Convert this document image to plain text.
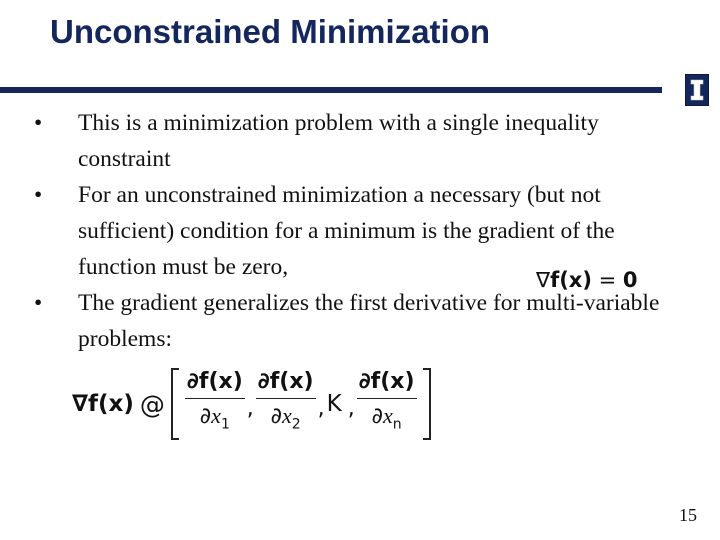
Unconstrained Minimization
• This is a minimization problem with a single inequality constraint
• For an unconstrained minimization a necessary (but not sufficient) condition for a minimum is the gradient of the function must be zero,
• The gradient generalizes the first derivative for multi-variable problems:
∇f(x) = 0
∇f(x) @ $\frac{\partial f(x)}{\partial x_1}$ , $\frac{\partial f(x)}{\partial x_2}$ , K , $\frac{\partial f(x)}{\partial x_n}$
15
